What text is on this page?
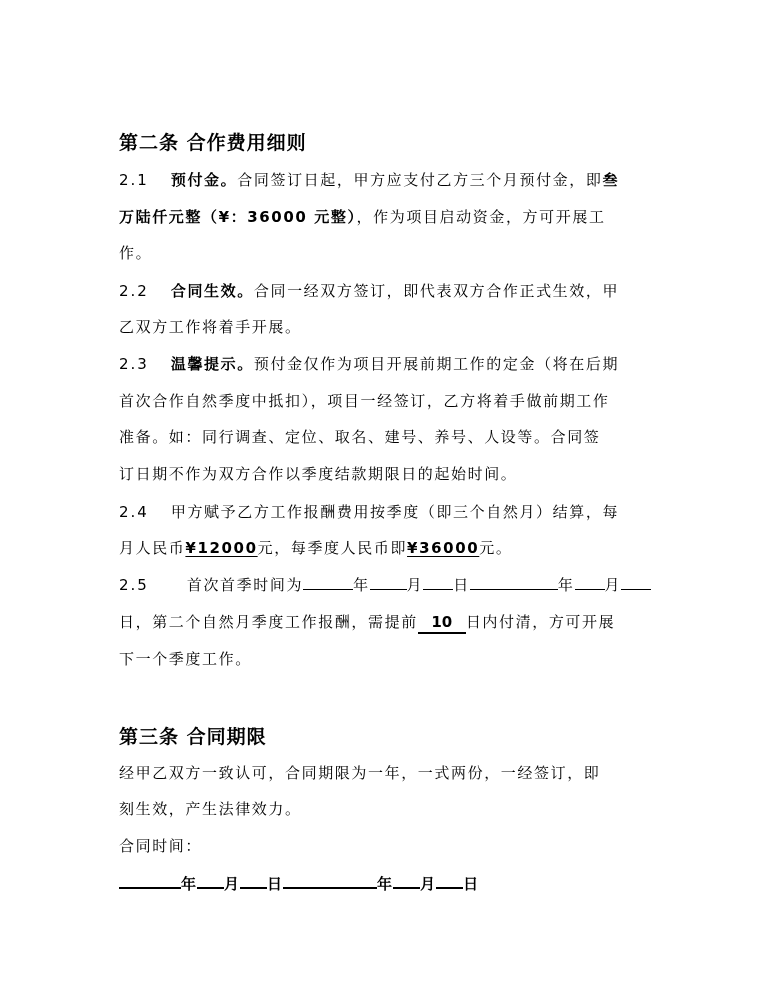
第二条 合作费用细则
2.1 预付金。合同签订日起，甲方应支付乙方三个月预付金，即叁
万陆仟元整（¥：36000 元整），作为项目启动资金，方可开展工
作。
2.2 合同生效。合同一经双方签订，即代表双方合作正式生效，甲
乙双方工作将着手开展。
2.3 温馨提示。预付金仅作为项目开展前期工作的定金（将在后期
首次合作自然季度中抵扣），项目一经签订，乙方将着手做前期工作
准备。如：同行调查、定位、取名、建号、养号、人设等。合同签
订日期不作为双方合作以季度结款期限日的起始时间。
2.4 甲方赋予乙方工作报酬费用按季度（即三个自然月）结算，每
月人民币¥12000元，每季度人民币即¥36000元。
2.5	首次首季时间为	年 月 日	年 月
日，第二个自然月季度工作报酬，需提前 10 日内付清，方可开展
下一个季度工作。
第三条 合同期限
经甲乙双方一致认可，合同期限为一年，一式两份，一经签订，即
刻生效，产生法律效力。
合同时间：
年 月 日	年 月 日
